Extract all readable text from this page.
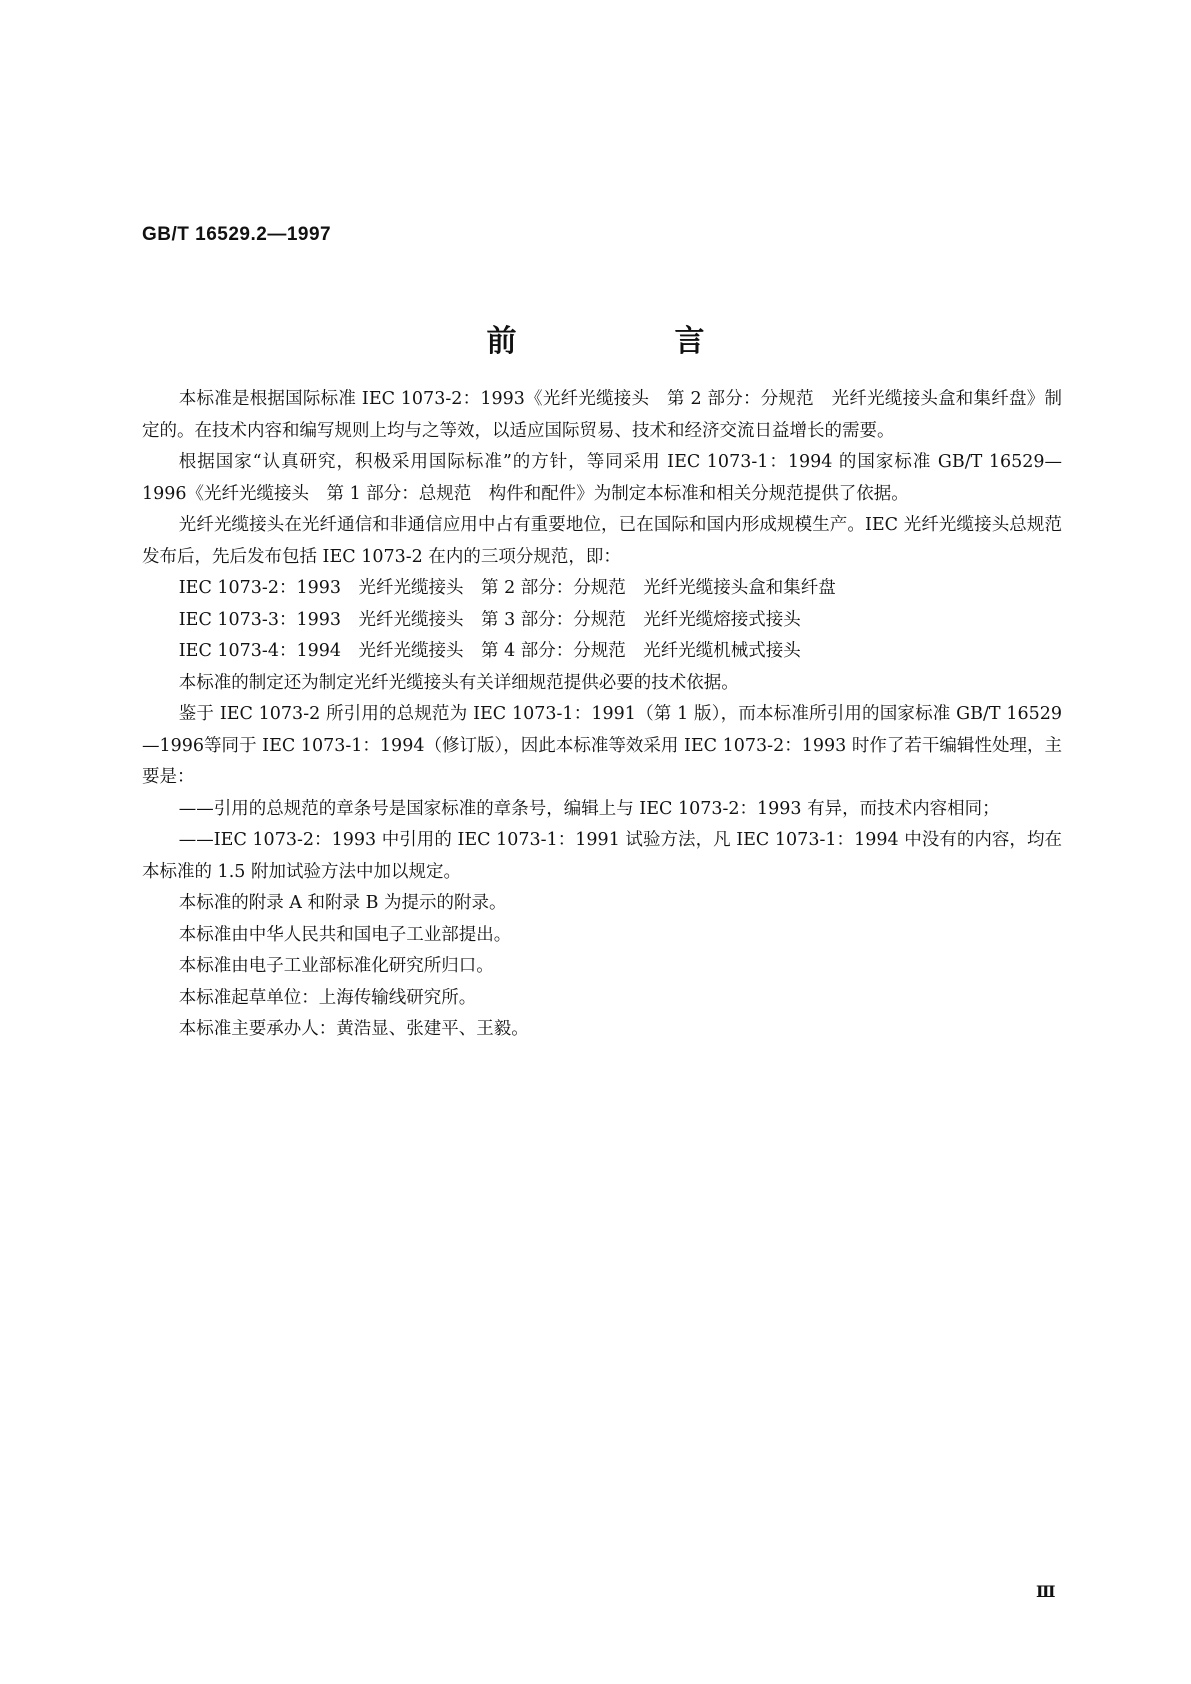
GB/T 16529.2—1997
前　言

本标准是根据国际标准 IEC 1073-2：1993《光纤光缆接头　第 2 部分：分规范　光纤光缆接头盒和集纤盘》制定的。在技术内容和编写规则上均与之等效，以适应国际贸易、技术和经济交流日益增长的需要。

根据国家“认真研究，积极采用国际标准”的方针，等同采用 IEC 1073-1：1994 的国家标准 GB/T 16529—1996《光纤光缆接头　第 1 部分：总规范　构件和配件》为制定本标准和相关分规范提供了依据。

光纤光缆接头在光纤通信和非通信应用中占有重要地位，已在国际和国内形成规模生产。IEC 光纤光缆接头总规范发布后，先后发布包括 IEC 1073-2 在内的三项分规范，即：

IEC 1073-2：1993　光纤光缆接头　第 2 部分：分规范　光纤光缆接头盒和集纤盘

IEC 1073-3：1993　光纤光缆接头　第 3 部分：分规范　光纤光缆熔接式接头

IEC 1073-4：1994　光纤光缆接头　第 4 部分：分规范　光纤光缆机械式接头

本标准的制定还为制定光纤光缆接头有关详细规范提供必要的技术依据。

鉴于 IEC 1073-2 所引用的总规范为 IEC 1073-1：1991（第 1 版），而本标准所引用的国家标准 GB/T 16529—1996等同于 IEC 1073-1：1994（修订版），因此本标准等效采用 IEC 1073-2：1993 时作了若干编辑性处理，主要是：

——引用的总规范的章条号是国家标准的章条号，编辑上与 IEC 1073-2：1993 有异，而技术内容相同；

——IEC 1073-2：1993 中引用的 IEC 1073-1：1991 试验方法，凡 IEC 1073-1：1994 中没有的内容，均在本标准的 1.5 附加试验方法中加以规定。

本标准的附录 A 和附录 B 为提示的附录。

本标准由中华人民共和国电子工业部提出。

本标准由电子工业部标准化研究所归口。

本标准起草单位：上海传输线研究所。

本标准主要承办人：黄浩显、张建平、王毅。

Ⅲ
